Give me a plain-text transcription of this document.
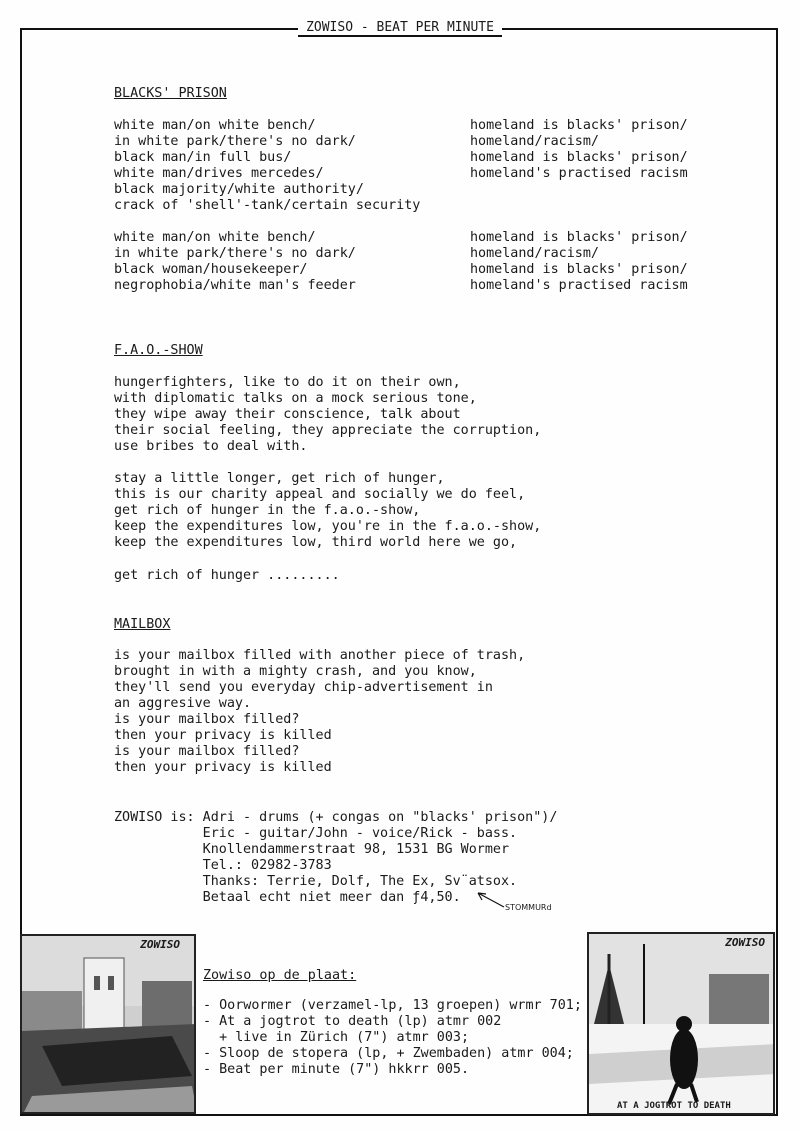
ZOWISO - BEAT PER MINUTE
BLACKS' PRISON
white man/on white bench/
in white park/there's no dark/
black man/in full bus/
white man/drives mercedes/
black majority/white authority/
crack of 'shell'-tank/certain security
homeland is blacks' prison/
homeland/racism/
homeland is blacks' prison/
homeland's practised racism
white man/on white bench/
in white park/there's no dark/
black woman/housekeeper/
negrophobia/white man's feeder
homeland is blacks' prison/
homeland/racism/
homeland is blacks' prison/
homeland's practised racism
F.A.O.-SHOW
hungerfighters, like to do it on their own,
with diplomatic talks on a mock serious tone,
they wipe away their conscience, talk about
their social feeling, they appreciate the corruption,
use bribes to deal with.
stay a little longer, get rich of hunger,
this is our charity appeal and socially we do feel,
get rich of hunger in the f.a.o.-show,
keep the expenditures low, you're in the f.a.o.-show,
keep the expenditures low, third world here we go,
get rich of hunger .........
MAILBOX
is your mailbox filled with another piece of trash,
brought in with a mighty crash, and you know,
they'll send you everyday chip-advertisement in
an aggresive way.
is your mailbox filled?
then your privacy is killed
is your mailbox filled?
then your privacy is killed
ZOWISO is: Adri - drums (+ congas on "blacks' prison")/
Eric - guitar/John - voice/Rick - bass.
Knollendammerstraat 98, 1531 BG Wormer
Tel.: 02982-3783
Thanks: Terrie, Dolf, The Ex, Sv¨atsox.
Betaal echt niet meer dan ƒ4,50.
STOMMURd
ZOWISO	ZOWISO
AT A JOGTROT TO DEATH
Zowiso op de plaat:
- Oorwormer (verzamel-lp, 13 groepen) wrmr 701;
- At a jogtrot to death (lp) atmr 002
+ live in Zürich (7") atmr 003;
- Sloop de stopera (lp, + Zwembaden) atmr 004;
- Beat per minute (7") hkkrr 005.
